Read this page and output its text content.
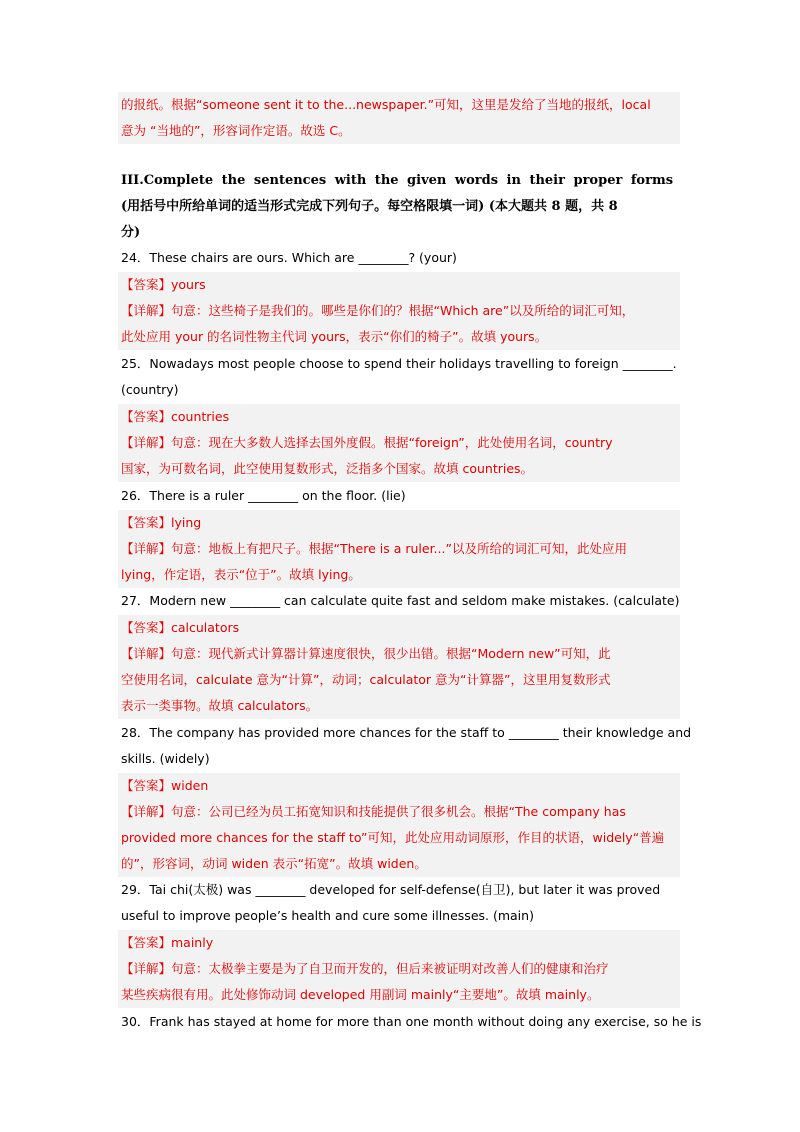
的报纸。根据“someone sent it to the...newspaper.”可知，这里是发给了当地的报纸，local
意为 “当地的”，形容词作定语。故选 C。
III.Complete the sentences with the given words in their proper forms
(用括号中所给单词的适当形式完成下列句子。每空格限填一词) (本大题共 8 题，共 8
分)
24．These chairs are ours. Which are ________? (your)
【答案】yours
【详解】句意：这些椅子是我们的。哪些是你们的？根据“Which are”以及所给的词汇可知，
此处应用 your 的名词性物主代词 yours，表示“你们的椅子”。故填 yours。
25．Nowadays most people choose to spend their holidays travelling to foreign ________.
(country)
【答案】countries
【详解】句意：现在大多数人选择去国外度假。根据“foreign”，此处使用名词，country
国家，为可数名词，此空使用复数形式，泛指多个国家。故填 countries。
26．There is a ruler ________ on the floor. (lie)
【答案】lying
【详解】句意：地板上有把尺子。根据“There is a ruler...”以及所给的词汇可知，此处应用
lying，作定语，表示“位于”。故填 lying。
27．Modern new ________ can calculate quite fast and seldom make mistakes. (calculate)
【答案】calculators
【详解】句意：现代新式计算器计算速度很快，很少出错。根据“Modern new”可知，此
空使用名词，calculate 意为“计算”，动词；calculator 意为“计算器”，这里用复数形式
表示一类事物。故填 calculators。
28．The company has provided more chances for the staff to ________ their knowledge and
skills. (widely)
【答案】widen
【详解】句意：公司已经为员工拓宽知识和技能提供了很多机会。根据“The company has
provided more chances for the staff to”可知，此处应用动词原形，作目的状语，widely“普遍
的”，形容词，动词 widen 表示“拓宽”。故填 widen。
29．Tai chi(太极) was ________ developed for self-defense(自卫), but later it was proved
useful to improve people’s health and cure some illnesses. (main)
【答案】mainly
【详解】句意：太极拳主要是为了自卫而开发的，但后来被证明对改善人们的健康和治疗
某些疾病很有用。此处修饰动词 developed 用副词 mainly“主要地”。故填 mainly。
30．Frank has stayed at home for more than one month without doing any exercise, so he is
